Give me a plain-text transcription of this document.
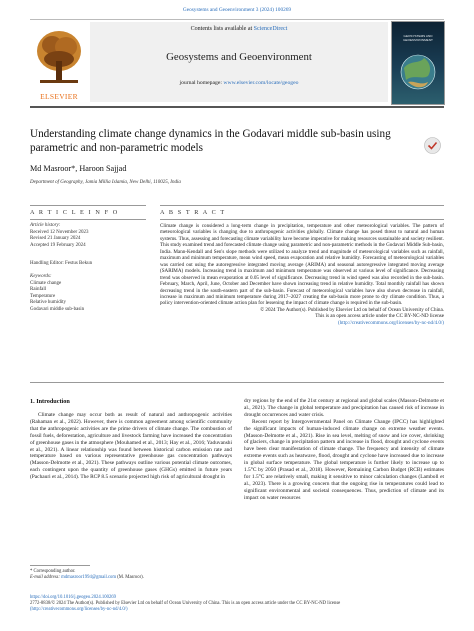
Geosystems and Geoenvironment 3 (2024) 100269
ELSEVIER
Contents lists available at ScienceDirect
Geosystems and Geoenvironment
journal homepage: www.elsevier.com/locate/geogeo
GEOSYSTEMS AND GEOENVIRONMENT
Understanding climate change dynamics in the Godavari middle sub-basin using parametric and non-parametric models
Md Masroor*, Haroon Sajjad
Department of Geography, Jamia Millia Islamia, New Delhi, 110025, India
A R T I C L E I N F O	A B S T R A C T
Article history:
Received 12 November 2023
Revised 21 January 2024
Accepted 19 February 2024
Handling Editor: Festus Bekun
Keywords:
Climate change
Rainfall
Temperature
Relative humidity
Godavari middle sub-basin

Climate change is considered a long-term change in precipitation, temperature and other meteorological variables. The pattern of meteorological variables is changing due to anthropogenic activities globally. Climate change has posed threat to natural and human systems. Thus, assessing and forecasting climate variability have become imperative for making resources sustainable and society resilient. This study examined trend and forecasted climate change using parametric and non-parametric methods in the Godavari Middle Sub-basin, India. Mann-Kendall and Sen's slope methods were utilized to analyze trend and magnitude of meteorological variables such as rainfall, maximum and minimum temperature, mean wind speed, mean evaporation and relative humidity. Forecasting of meteorological variables was carried out using the autoregressive integrated moving average (ARIMA) and seasonal autoregressive integrated moving average (SARIMA) models. Increasing trend in maximum and minimum temperature was observed at various level of significance. Decreasing trend was observed in mean evaporation at 0.05 level of significance. Decreasing trend in wind speed was also recorded in the sub-basin. February, March, April, June, October and December have shown increasing trend in relative humidity. Total monthly rainfall has shown decreasing trend in the south-eastern part of the sub-basin. Forecast of meteorological variables have also shown decrease in rainfall, increase in maximum and minimum temperature during 2017–2027 creating the sub-basin more prone to dry climate condition. Thus, a policy intervention-oriented climate action plan for lessening the impact of climate change is required in the sub-basin.

© 2024 The Author(s). Published by Elsevier Ltd on behalf of Ocean University of China.

This is an open access article under the CC BY-NC-ND license

(http://creativecommons.org/licenses/by-nc-nd/4.0/)

1. Introduction

Climate change may occur both as result of natural and anthropogenic activities (Rahaman et al., 2022). However, there is common agreement among scientific community that the anthropogenic activities are the prime drivers of climate change. The combustion of fossil fuels, deforestation, agriculture and livestock farming have increased the concentration of greenhouse gases in the atmosphere (Mouhamed et al., 2013; Hay et al., 2016; Yaduvanshi et al., 2021). A linear relationship was found between historical carbon emission rate and temperature based on various representative greenhouse gas concentration pathways (Masson-Delmotte et al., 2021). These pathways outline various potential climate outcomes, each contingent upon the quantity of greenhouse gases (GHGs) emitted in future years (Pachauri et al., 2014). The RCP 8.5 scenario projected high risk of agricultural drought in

dry regions by the end of the 21st century at regional and global scales (Masson-Delmotte et al., 2021). The change in global temperature and precipitation has caused risk of increase in drought occurrences and water crisis.

Recent report by Intergovernmental Panel on Climate Change (IPCC) has highlighted the significant impacts of human-induced climate change on extreme weather events. (Masson-Delmotte et al., 2021). Rise in sea level, melting of snow and ice cover, shrinking of glaciers, change in precipitation pattern and increase in flood, drought and cyclone events have been clear manifestation of climate change. The frequency and intensity of climate extreme events such as heatwave, flood, drought and cyclone have increased due to increase in global surface temperature. The global temperature is further likely to increase up to 1.5°C by 2050 (Prasad et al., 2018). However, Remaining Carbon Budget (RCB) estimates for 1.5°C are relatively small, making it sensitive to minor calculation changes (Lamboll et al., 2023). There is a growing concern that the ongoing rise in temperatures could lead to significant environmental and societal consequences. Thus, prediction of climate and its impact on water resources

* Corresponding author.
E-mail address: mdmasroor1994@gmail.com (M. Masroor).
https://doi.org/10.1016/j.geogeo.2024.100269
2772-8838/© 2024 The Author(s). Published by Elsevier Ltd on behalf of Ocean University of China. This is an open access article under the CC BY-NC-ND license
(http://creativecommons.org/licenses/by-nc-nd/4.0/)
